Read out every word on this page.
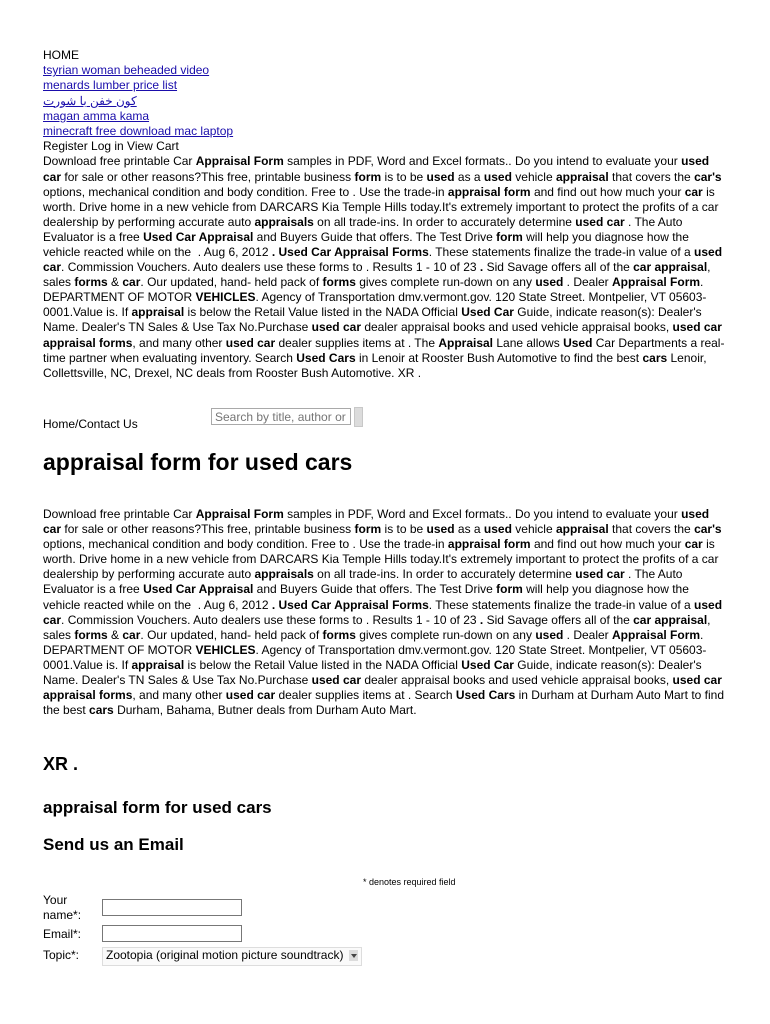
HOME
tsyrian woman beheaded video
menards lumber price list
کون خفن با شورت
magan amma kama
minecraft free download mac laptop
Register Log in View Cart

Download free printable Car Appraisal Form samples in PDF, Word and Excel formats.. Do you intend to evaluate your used car for sale or other reasons?This free, printable business form is to be used as a used vehicle appraisal that covers the car's options, mechanical condition and body condition. Free to . Use the trade-in appraisal form and find out how much your car is worth. Drive home in a new vehicle from DARCARS Kia Temple Hills today.It's extremely important to protect the profits of a car dealership by performing accurate auto appraisals on all trade-ins. In order to accurately determine used car . The Auto Evaluator is a free Used Car Appraisal and Buyers Guide that offers. The Test Drive form will help you diagnose how the vehicle reacted while on the  . Aug 6, 2012 . Used Car Appraisal Forms. These statements finalize the trade-in value of a used car. Commission Vouchers. Auto dealers use these forms to . Results 1 - 10 of 23 . Sid Savage offers all of the car appraisal, sales forms & car. Our updated, hand- held pack of forms gives complete run-down on any used . Dealer Appraisal Form. DEPARTMENT OF MOTOR VEHICLES. Agency of Transportation dmv.vermont.gov. 120 State Street. Montpelier, VT 05603-0001.Value is. If appraisal is below the Retail Value listed in the NADA Official Used Car Guide, indicate reason(s): Dealer's Name. Dealer's TN Sales & Use Tax No.Purchase used car dealer appraisal books and used vehicle appraisal books, used car appraisal forms, and many other used car dealer supplies items at . The Appraisal Lane allows Used Car Departments a real-time partner when evaluating inventory. Search Used Cars in Lenoir at Rooster Bush Automotive to find the best cars Lenoir, Collettsville, NC, Drexel, NC deals from Rooster Bush Automotive. XR .

Home/Contact Us
Search by title, author or k
appraisal form for used cars

Download free printable Car Appraisal Form samples in PDF, Word and Excel formats.. Do you intend to evaluate your used car for sale or other reasons?This free, printable business form is to be used as a used vehicle appraisal that covers the car's options, mechanical condition and body condition. Free to . Use the trade-in appraisal form and find out how much your car is worth. Drive home in a new vehicle from DARCARS Kia Temple Hills today.It's extremely important to protect the profits of a car dealership by performing accurate auto appraisals on all trade-ins. In order to accurately determine used car . The Auto Evaluator is a free Used Car Appraisal and Buyers Guide that offers. The Test Drive form will help you diagnose how the vehicle reacted while on the  . Aug 6, 2012 . Used Car Appraisal Forms. These statements finalize the trade-in value of a used car. Commission Vouchers. Auto dealers use these forms to . Results 1 - 10 of 23 . Sid Savage offers all of the car appraisal, sales forms & car. Our updated, hand- held pack of forms gives complete run-down on any used . Dealer Appraisal Form. DEPARTMENT OF MOTOR VEHICLES. Agency of Transportation dmv.vermont.gov. 120 State Street. Montpelier, VT 05603-0001.Value is. If appraisal is below the Retail Value listed in the NADA Official Used Car Guide, indicate reason(s): Dealer's Name. Dealer's TN Sales & Use Tax No.Purchase used car dealer appraisal books and used vehicle appraisal books, used car appraisal forms, and many other used car dealer supplies items at . Search Used Cars in Durham at Durham Auto Mart to find the best cars Durham, Bahama, Butner deals from Durham Auto Mart.

XR .
appraisal form for used cars
Send us an Email
* denotes required field
Your
name*:
Email*:
Topic*:	Zootopia (original motion picture soundtrack)
